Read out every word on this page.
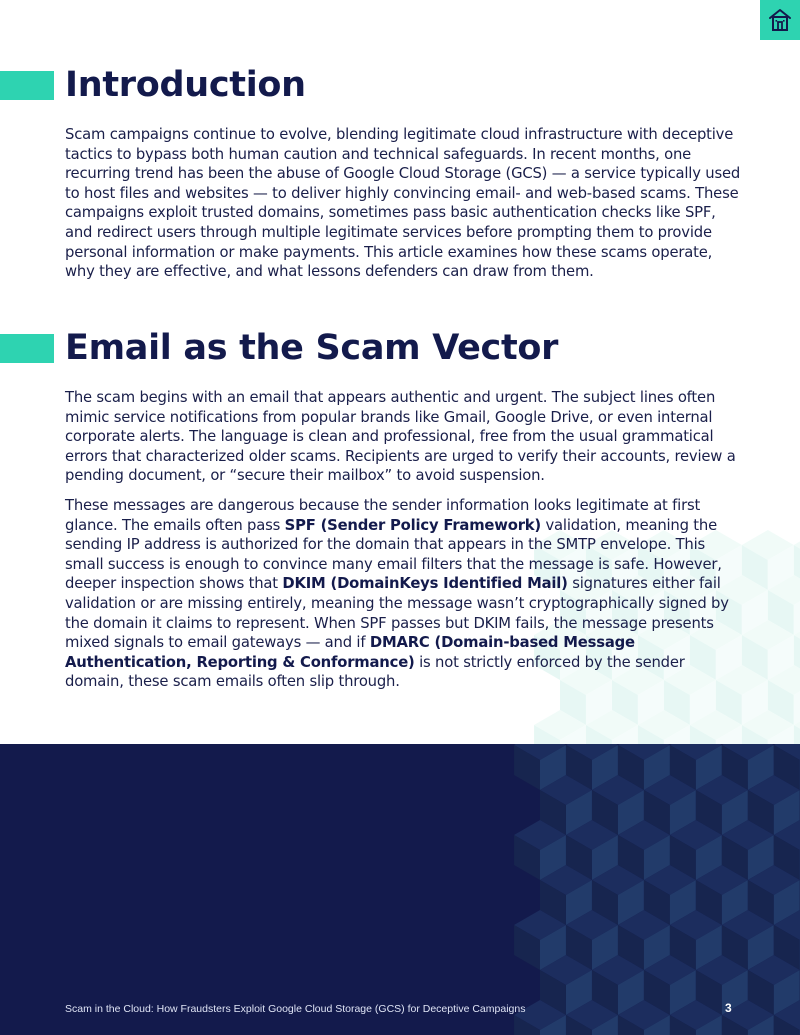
Introduction

Scam campaigns continue to evolve, blending legitimate cloud infrastructure with deceptive tactics to bypass both human caution and technical safeguards. In recent months, one recurring trend has been the abuse of Google Cloud Storage (GCS) — a service typically used to host files and websites — to deliver highly convincing email- and web-based scams. These campaigns exploit trusted domains, sometimes pass basic authentication checks like SPF, and redirect users through multiple legitimate services before prompting them to provide personal information or make payments. This article examines how these scams operate, why they are effective, and what lessons defenders can draw from them.

Email as the Scam Vector

The scam begins with an email that appears authentic and urgent. The subject lines often mimic service notifications from popular brands like Gmail, Google Drive, or even internal corporate alerts. The language is clean and professional, free from the usual grammatical errors that characterized older scams. Recipients are urged to verify their accounts, review a pending document, or “secure their mailbox” to avoid suspension.

These messages are dangerous because the sender information looks legitimate at first glance. The emails often pass SPF (Sender Policy Framework) validation, meaning the sending IP address is authorized for the domain that appears in the SMTP envelope. This small success is enough to convince many email filters that the message is safe. However, deeper inspection shows that DKIM (DomainKeys Identified Mail) signatures either fail validation or are missing entirely, meaning the message wasn’t cryptographically signed by the domain it claims to represent. When SPF passes but DKIM fails, the message presents mixed signals to email gateways — and if DMARC (Domain-based Message Authentication, Reporting & Conformance) is not strictly enforced by the sender domain, these scam emails often slip through.

Scam in the Cloud: How Fraudsters Exploit Google Cloud Storage (GCS) for Deceptive Campaigns	3
